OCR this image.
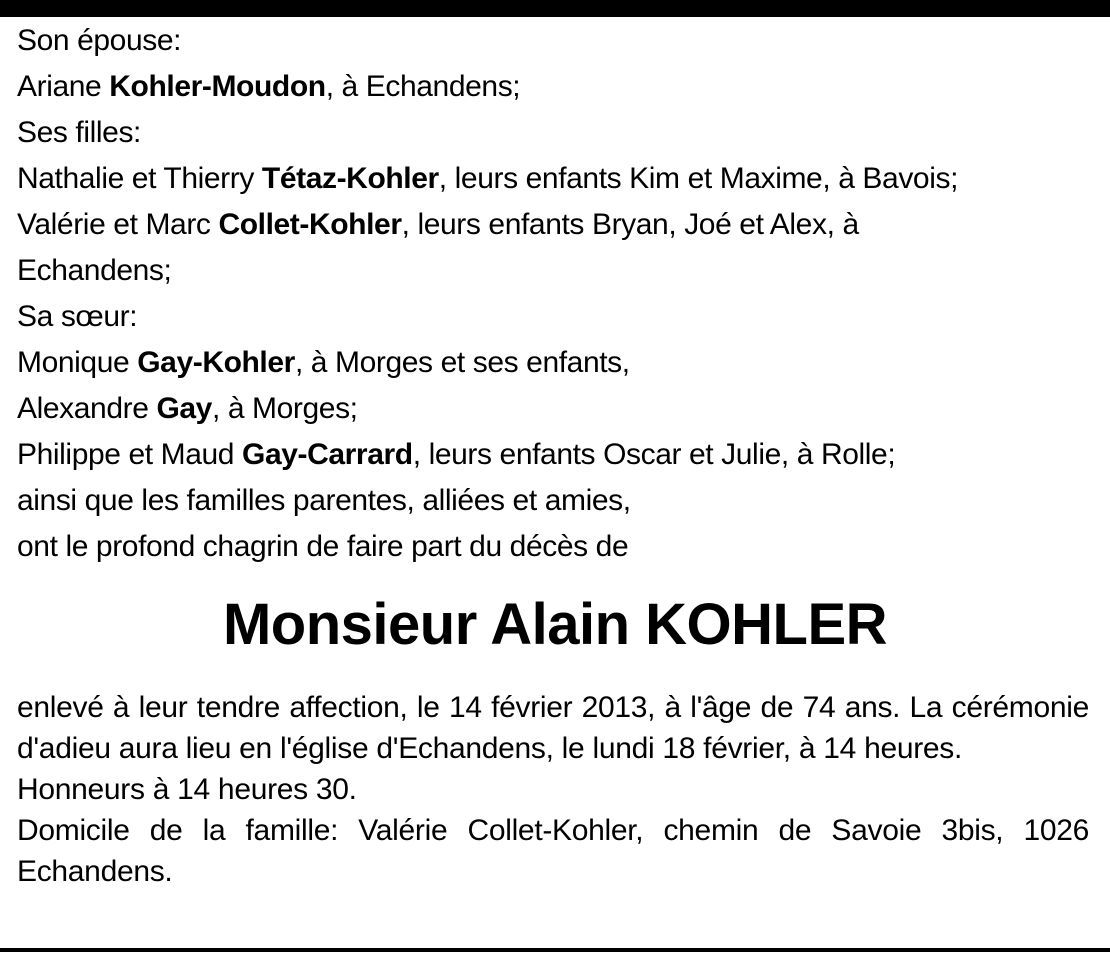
Son épouse:
Ariane Kohler-Moudon, à Echandens;
Ses filles:
Nathalie et Thierry Tétaz-Kohler, leurs enfants Kim et Maxime, à Bavois;
Valérie et Marc Collet-Kohler, leurs enfants Bryan, Joé et Alex, à Echandens;
Sa sœur:
Monique Gay-Kohler, à Morges et ses enfants,
Alexandre Gay, à Morges;
Philippe et Maud Gay-Carrard, leurs enfants Oscar et Julie, à Rolle;
ainsi que les familles parentes, alliées et amies,
ont le profond chagrin de faire part du décès de
Monsieur Alain KOHLER

enlevé à leur tendre affection, le 14 février 2013, à l'âge de 74 ans. La cérémonie d'adieu aura lieu en l'église d'Echandens, le lundi 18 février, à 14 heures.

Honneurs à 14 heures 30.

Domicile de la famille: Valérie Collet-Kohler, chemin de Savoie 3bis, 1026 Echandens.
